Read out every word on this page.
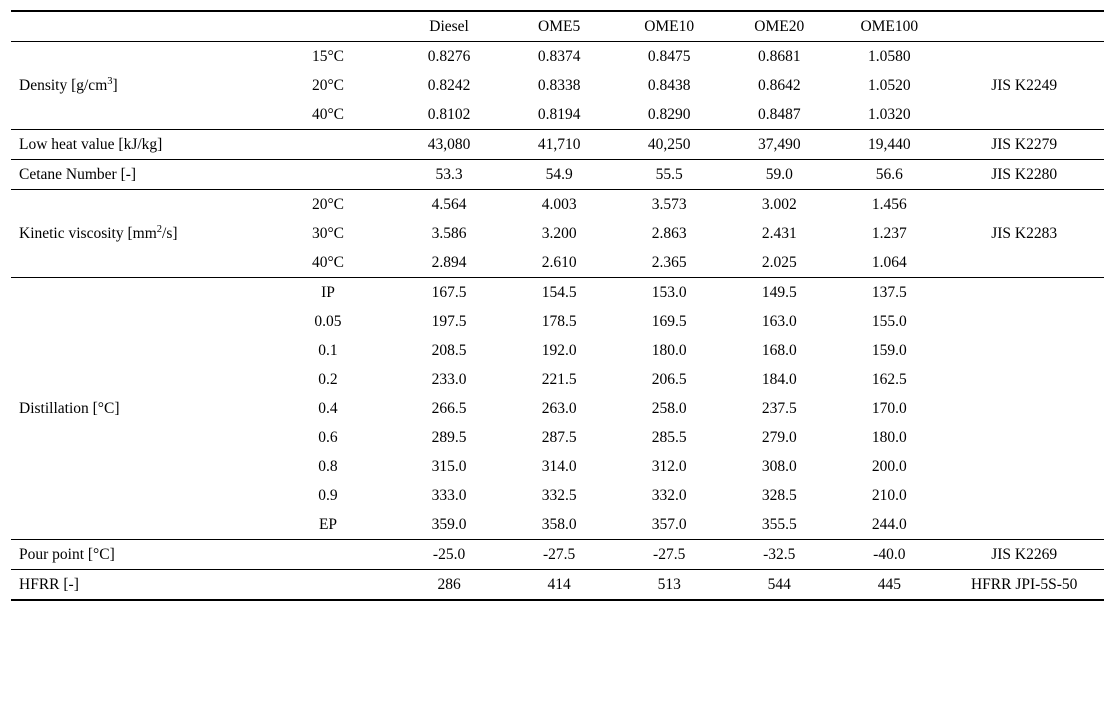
		Diesel	OME5	OME10	OME20	OME100	
Density $[g/cm^3]$	15°C	0.8276	0.8374	0.8475	0.8681	1.0580	JIS K2249
	20°C	0.8242	0.8338	0.8438	0.8642	1.0520	
	40°C	0.8102	0.8194	0.8290	0.8487	1.0320	
Low heat value [kJ/kg]		43,080	41,710	40,250	37,490	19,440	JIS K2279
Cetane Number [-]		53.3	54.9	55.5	59.0	56.6	JIS K2280
Kinetic viscosity $[mm^2/s]$	20°C	4.564	4.003	3.573	3.002	1.456	JIS K2283
	30°C	3.586	3.200	2.863	2.431	1.237	
	40°C	2.894	2.610	2.365	2.025	1.064	
Distillation [°C]	IP	167.5	154.5	153.0	149.5	137.5	
	0.05	197.5	178.5	169.5	163.0	155.0	
	0.1	208.5	192.0	180.0	168.0	159.0	
	0.2	233.0	221.5	206.5	184.0	162.5	
	0.4	266.5	263.0	258.0	237.5	170.0	
	0.6	289.5	287.5	285.5	279.0	180.0	
	0.8	315.0	314.0	312.0	308.0	200.0	
	0.9	333.0	332.5	332.0	328.5	210.0	
	EP	359.0	358.0	357.0	355.5	244.0	
Pour point [°C]		-25.0	-27.5	-27.5	-32.5	-40.0	JIS K2269
HFRR [-]		286	414	513	544	445	HFRR JPI-5S-50
